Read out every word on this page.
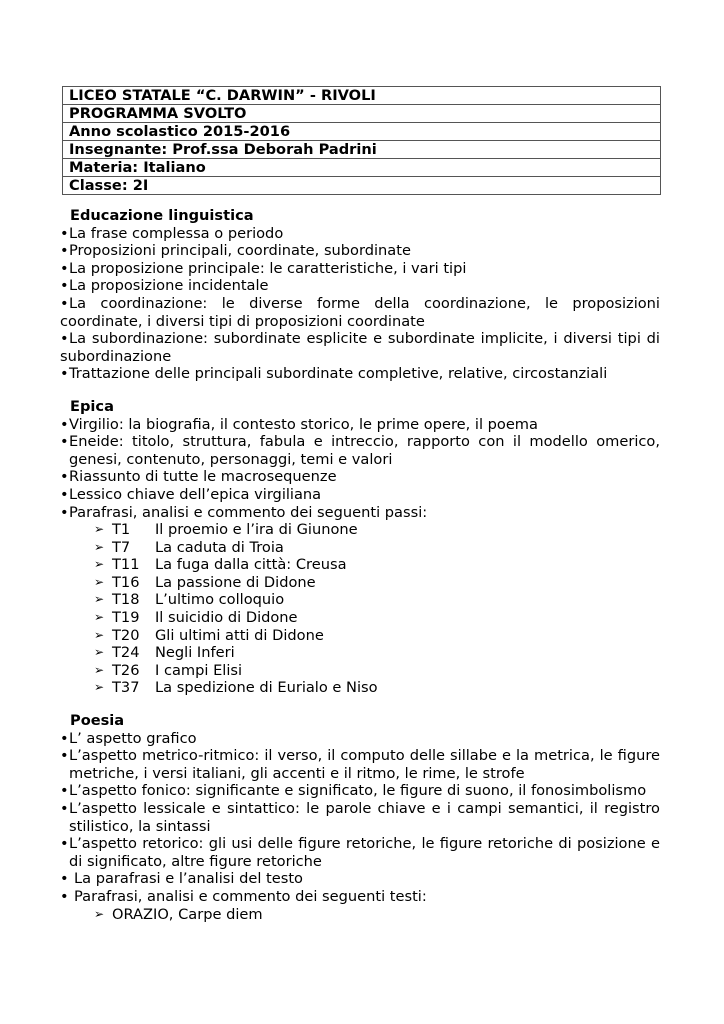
LICEO STATALE “C. DARWIN” - RIVOLI
PROGRAMMA SVOLTO
Anno scolastico 2015-2016
Insegnante: Prof.ssa Deborah Padrini
Materia: Italiano
Classe: 2I
Educazione linguistica
• La frase complessa o periodo
• Proposizioni principali, coordinate, subordinate
• La proposizione principale: le caratteristiche, i vari tipi
• La proposizione incidentale
• La coordinazione: le diverse forme della coordinazione, le proposizioni coordinate, i diversi tipi di proposizioni coordinate
• La subordinazione: subordinate esplicite e subordinate implicite, i diversi tipi di subordinazione
• Trattazione delle principali subordinate completive, relative, circostanziali
Epica
• Virgilio: la biografia, il contesto storico, le prime opere, il poema
• Eneide: titolo, struttura, fabula e intreccio, rapporto con il modello omerico, genesi, contenuto, personaggi, temi e valori
• Riassunto di tutte le macrosequenze
• Lessico chiave dell’epica virgiliana
• Parafrasi, analisi e commento dei seguenti passi:
➢ T1 Il proemio e l’ira di Giunone
➢ T7 La caduta di Troia
➢ T11 La fuga dalla città: Creusa
➢ T16 La passione di Didone
➢ T18 L’ultimo colloquio
➢ T19 Il suicidio di Didone
➢ T20 Gli ultimi atti di Didone
➢ T24 Negli Inferi
➢ T26 I campi Elisi
➢ T37 La spedizione di Eurialo e Niso
Poesia
• L’ aspetto grafico
• L’aspetto metrico-ritmico: il verso, il computo delle sillabe e la metrica, le figure metriche, i versi italiani, gli accenti e il ritmo, le rime, le strofe
• L’aspetto fonico: significante e significato, le figure di suono, il fonosimbolismo
• L’aspetto lessicale e sintattico: le parole chiave e i campi semantici, il registro stilistico, la sintassi
• L’aspetto retorico: gli usi delle figure retoriche, le figure retoriche di posizione e di significato, altre figure retoriche
• La parafrasi e l’analisi del testo
• Parafrasi, analisi e commento dei seguenti testi:
➢ ORAZIO, Carpe diem
